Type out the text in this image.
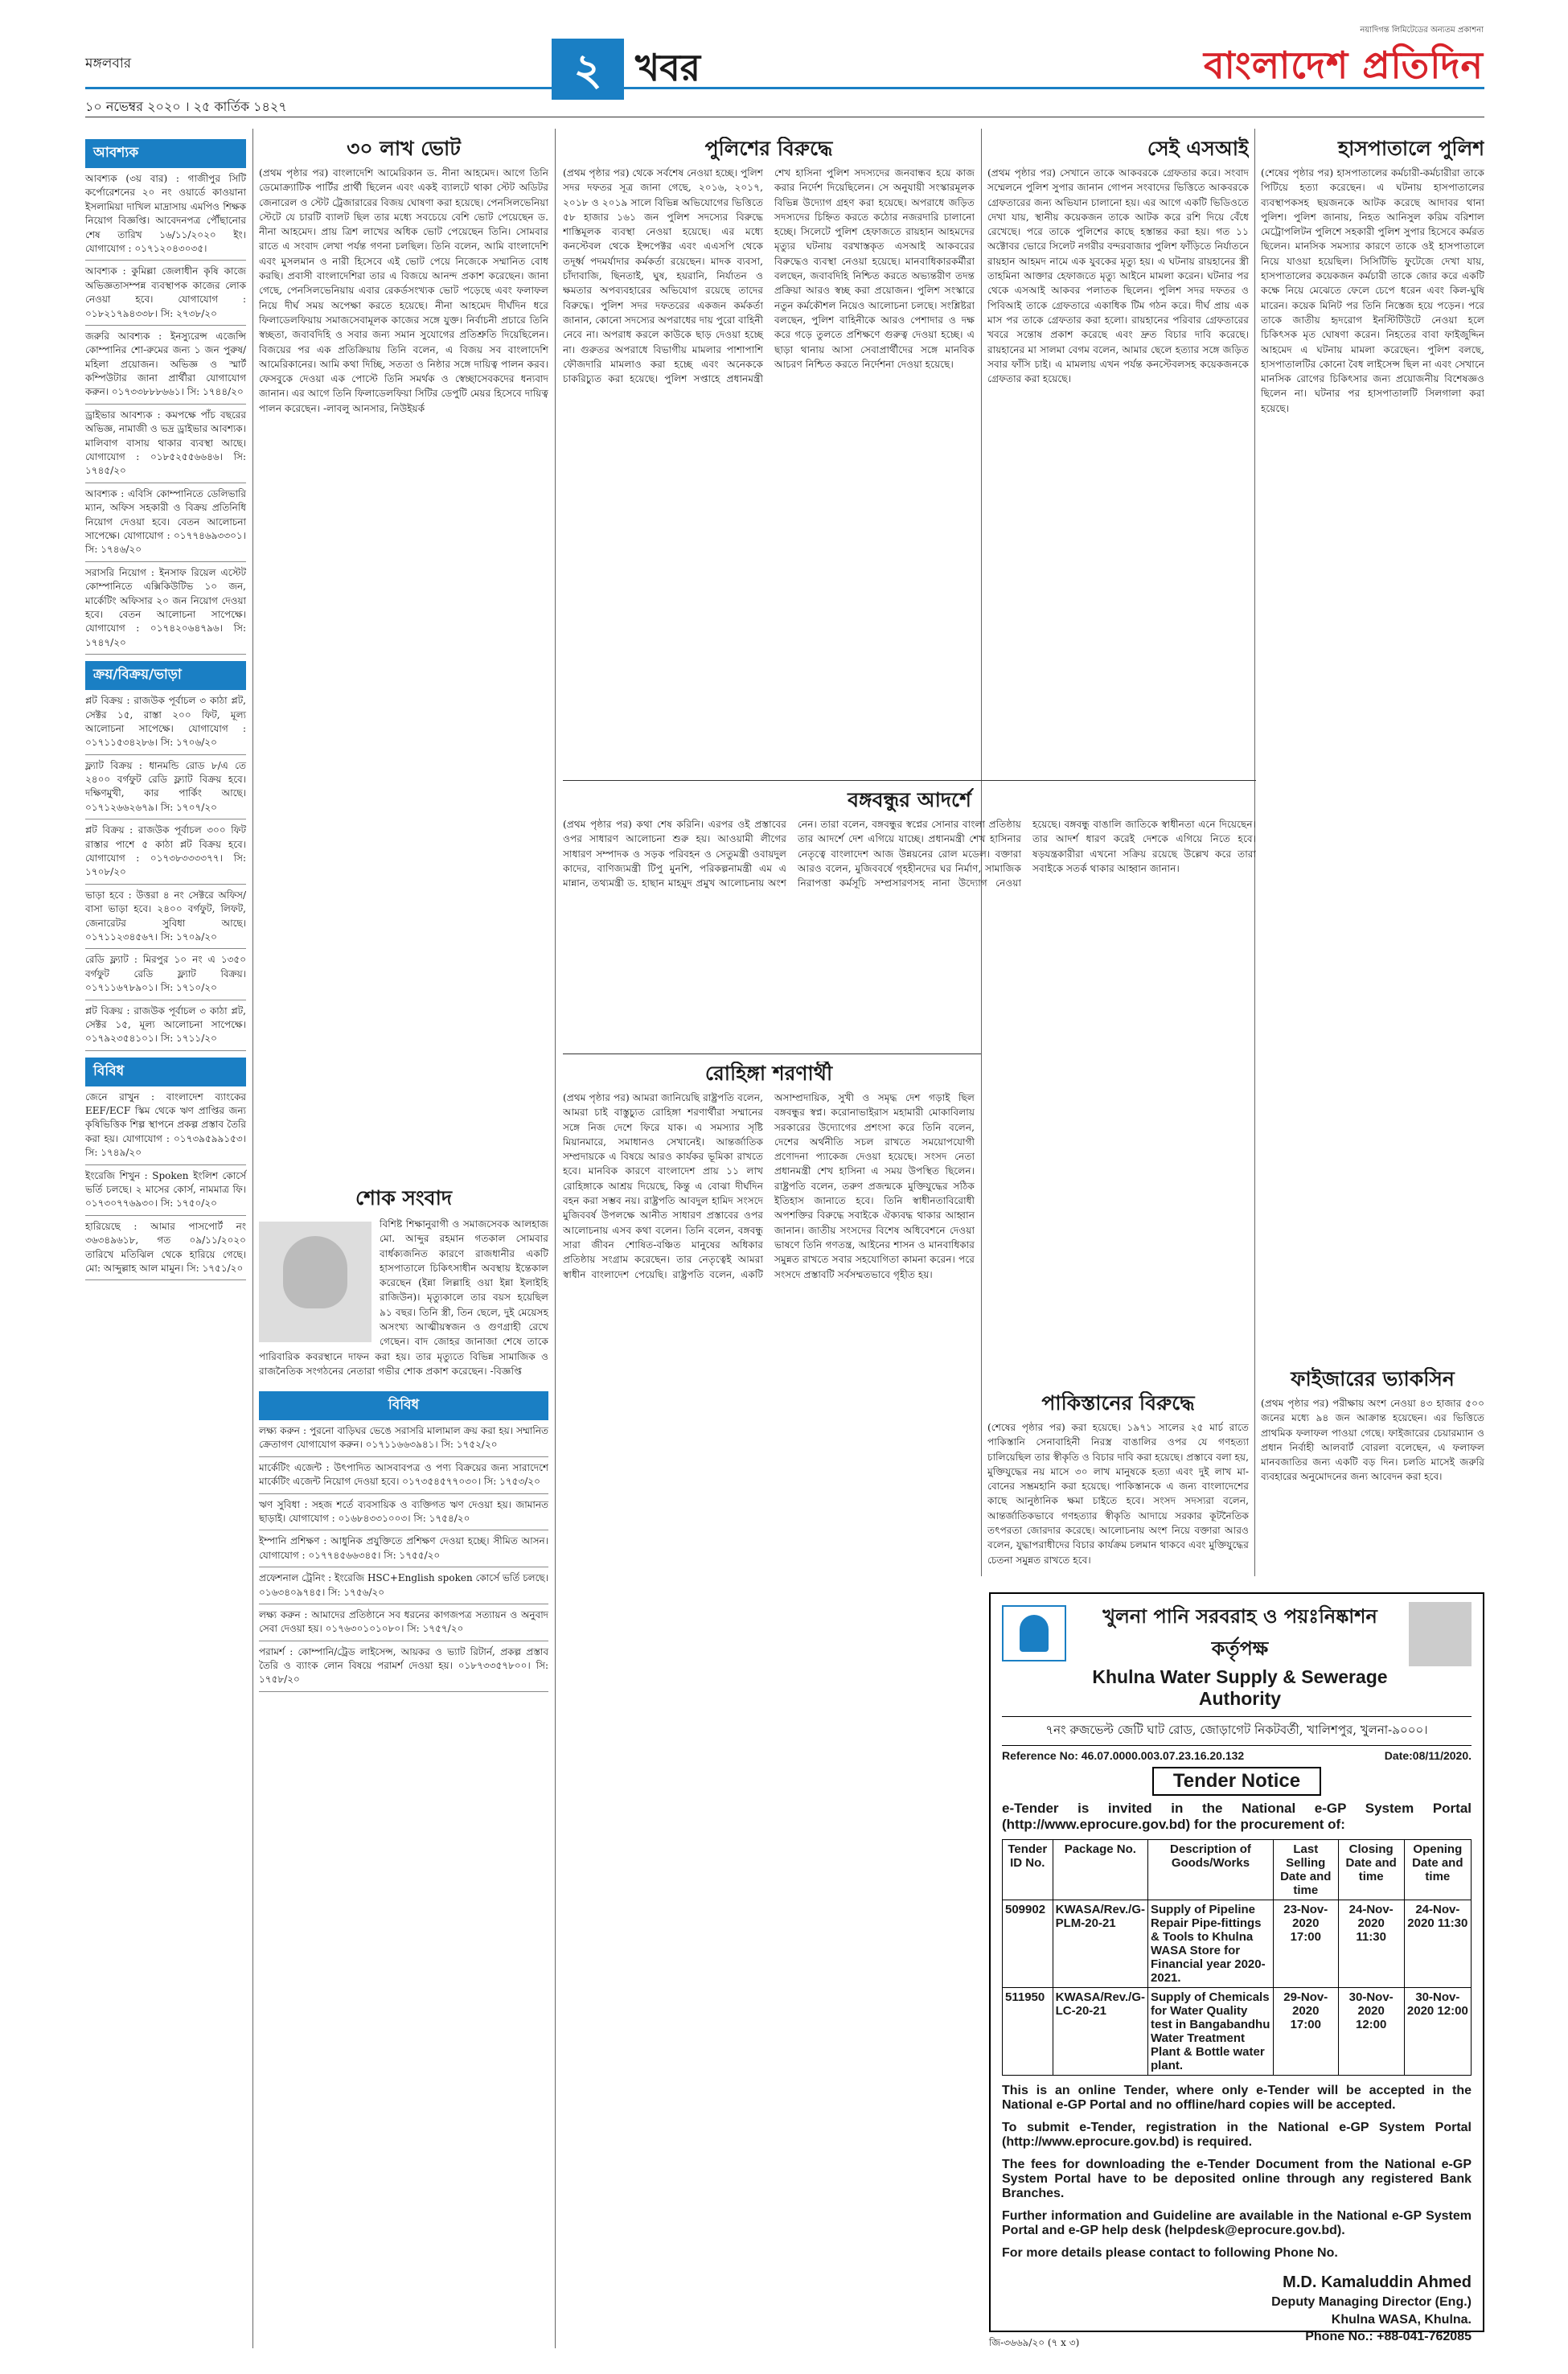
মঙ্গলবার
১০ নভেম্বর ২০২০ । ২৫ কার্তিক ১৪২৭
২ খবর
নয়াদিগন্ত লিমিটেডের অন্যতম প্রকাশনা
বাংলাদেশ প্রতিদিন
আবশ্যক
আবশ্যক (৩য় বার) : গাজীপুর সিটি কর্পোরেশনের ২০ নং ওয়ার্ডে কাওয়ানা ইসলামিয়া দাখিল মাদ্রাসায় এমপিও শিক্ষক নিয়োগ বিজ্ঞপ্তি। আবেদনপত্র পৌঁছানোর শেষ তারিখ ১৬/১১/২০২০ ইং। যোগাযোগ : ০১৭১২০৪৩০৩৫।
আবশ্যক : কুমিল্লা জেলাধীন কৃষি কাজে অভিজ্ঞতাসম্পন্ন ব্যবস্থাপক কাজের লোক নেওয়া হবে। যোগাযোগ : ০১৮২১৭৯৪৩৩৮। সি: ২৭৩৮/২০
জরুরি আবশ্যক : ইনস্যুরেন্স এজেন্সি কোম্পানির শো-রুমের জন্য ১ জন পুরুষ/মহিলা প্রয়োজন। অভিজ্ঞ ও স্মার্ট কম্পিউটার জানা প্রার্থীরা যোগাযোগ করুন। ০১৭৩৩৮৮৮৬৬১। সি: ১৭৪৪/২০
ড্রাইভার আবশ্যক : কমপক্ষে পাঁচ বছরের অভিজ্ঞ, নামাজী ও ভদ্র ড্রাইভার আবশ্যক। মালিবাগ বাসায় থাকার ব্যবস্থা আছে। যোগাযোগ : ০১৮৫২৫৫৬৬৪৬। সি: ১৭৪৫/২০
আবশ্যক : এবিসি কোম্পানিতে ডেলিভারি ম্যান, অফিস সহকারী ও বিক্রয় প্রতিনিধি নিয়োগ দেওয়া হবে। বেতন আলোচনা সাপেক্ষে। যোগাযোগ : ০১৭৭৪৬৯৩৩০১। সি: ১৭৪৬/২০
সরাসরি নিয়োগ : ইনসাফ রিয়েল এস্টেট কোম্পানিতে এক্সিকিউটিভ ১০ জন, মার্কেটিং অফিসার ২০ জন নিয়োগ দেওয়া হবে। বেতন আলোচনা সাপেক্ষে। যোগাযোগ : ০১৭৪২০৬৪৭৯৬। সি: ১৭৪৭/২০
ক্রয়/বিক্রয়/ভাড়া
প্লট বিক্রয় : রাজউক পূর্বাচল ৩ কাঠা প্লট, সেক্টর ১৫, রাস্তা ২০০ ফিট, মূল্য আলোচনা সাপেক্ষে। যোগাযোগ : ০১৭১১৫৩৪২৮৬। সি: ১৭০৬/২০
ফ্ল্যাট বিক্রয় : ধানমন্ডি রোড ৮/এ তে ২৪০০ বর্গফুট রেডি ফ্ল্যাট বিক্রয় হবে। দক্ষিণমুখী, কার পার্কিং আছে। ০১৭১২৬৬২৬৭৯। সি: ১৭০৭/২০
প্লট বিক্রয় : রাজউক পূর্বাচল ৩০০ ফিট রাস্তার পাশে ৫ কাঠা প্লট বিক্রয় হবে। যোগাযোগ : ০১৭৩৮৩৩৩৩৭৭। সি: ১৭০৮/২০
ভাড়া হবে : উত্তরা ৪ নং সেক্টরে অফিস/বাসা ভাড়া হবে। ২৪০০ বর্গফুট, লিফট, জেনারেটর সুবিধা আছে। ০১৭১১২৩৪৫৬৭। সি: ১৭০৯/২০
রেডি ফ্ল্যাট : মিরপুর ১০ নং এ ১৩৫০ বর্গফুট রেডি ফ্ল্যাট বিক্রয়। ০১৭১১৬৭৮৯০১। সি: ১৭১০/২০
প্লট বিক্রয় : রাজউক পূর্বাচল ৩ কাঠা প্লট, সেক্টর ১৫, মূল্য আলোচনা সাপেক্ষে। ০১৭৯২৩৫৪১০১। সি: ১৭১১/২০
বিবিধ
জেনে রাখুন : বাংলাদেশ ব্যাংকের EEF/ECF স্কিম থেকে ঋণ প্রাপ্তির জন্য কৃষিভিত্তিক শিল্প স্থাপনে প্রকল্প প্রস্তাব তৈরি করা হয়। যোগাযোগ : ০১৭৩৯৫৯৯১৫৩। সি: ১৭৪৯/২০
ইংরেজি শিখুন : Spoken ইংলিশ কোর্সে ভর্তি চলছে। ২ মাসের কোর্স, নামমাত্র ফি। ০১৭৩০৭৭৬৯৩০। সি: ১৭৫০/২০
হারিয়েছে : আমার পাসপোর্ট নং ৩৬৩৪৯৬১৮, গত ০৯/১১/২০২০ তারিখে মতিঝিল থেকে হারিয়ে গেছে। মো: আব্দুল্লাহ আল মামুন। সি: ১৭৫১/২০
৩০ লাখ ভোট

(প্রথম পৃষ্ঠার পর) বাংলাদেশি আমেরিকান ড. নীনা আহমেদ। আগে তিনি ডেমোক্র্যাটিক পার্টির প্রার্থী ছিলেন এবং একই ব্যালটে থাকা স্টেট অডিটর জেনারেল ও স্টেট ট্রেজারারের বিজয় ঘোষণা করা হয়েছে। পেনসিলভেনিয়া স্টেটে যে চারটি ব্যালট ছিল তার মধ্যে সবচেয়ে বেশি ভোট পেয়েছেন ড. নীনা আহমেদ। প্রায় ত্রিশ লাখের অধিক ভোট পেয়েছেন তিনি। সোমবার রাতে এ সংবাদ লেখা পর্যন্ত গণনা চলছিল। তিনি বলেন, আমি বাংলাদেশি এবং মুসলমান ও নারী হিসেবে এই ভোট পেয়ে নিজেকে সম্মানিত বোধ করছি। প্রবাসী বাংলাদেশিরা তার এ বিজয়ে আনন্দ প্রকাশ করেছেন। জানা গেছে, পেনসিলভেনিয়ায় এবার রেকর্ডসংখ্যক ভোট পড়েছে এবং ফলাফল নিয়ে দীর্ঘ সময় অপেক্ষা করতে হয়েছে। নীনা আহমেদ দীর্ঘদিন ধরে ফিলাডেলফিয়ায় সমাজসেবামূলক কাজের সঙ্গে যুক্ত। নির্বাচনী প্রচারে তিনি স্বচ্ছতা, জবাবদিহি ও সবার জন্য সমান সুযোগের প্রতিশ্রুতি দিয়েছিলেন। বিজয়ের পর এক প্রতিক্রিয়ায় তিনি বলেন, এ বিজয় সব বাংলাদেশি আমেরিকানের। আমি কথা দিচ্ছি, সততা ও নিষ্ঠার সঙ্গে দায়িত্ব পালন করব। ফেসবুকে দেওয়া এক পোস্টে তিনি সমর্থক ও স্বেচ্ছাসেবকদের ধন্যবাদ জানান। এর আগে তিনি ফিলাডেলফিয়া সিটির ডেপুটি মেয়র হিসেবে দায়িত্ব পালন করেছেন। -লাবলু আনসার, নিউইয়র্ক

শোক সংবাদ

বিশিষ্ট শিক্ষানুরাগী ও সমাজসেবক আলহাজ মো. আব্দুর রহমান গতকাল সোমবার বার্ধক্যজনিত কারণে রাজধানীর একটি হাসপাতালে চিকিৎসাধীন অবস্থায় ইন্তেকাল করেছেন (ইন্না লিল্লাহি ওয়া ইন্না ইলাইহি রাজিউন)। মৃত্যুকালে তার বয়স হয়েছিল ৯১ বছর। তিনি স্ত্রী, তিন ছেলে, দুই মেয়েসহ অসংখ্য আত্মীয়স্বজন ও গুণগ্রাহী রেখে গেছেন। বাদ জোহর জানাজা শেষে তাকে পারিবারিক কবরস্থানে দাফন করা হয়। তার মৃত্যুতে বিভিন্ন সামাজিক ও রাজনৈতিক সংগঠনের নেতারা গভীর শোক প্রকাশ করেছেন। -বিজ্ঞপ্তি

বিবিধ
লক্ষ্য করুন : পুরনো বাড়িঘর ভেঙে সরাসরি মালামাল ক্রয় করা হয়। সম্মানিত ক্রেতাগণ যোগাযোগ করুন। ০১৭১১৬৬৩৯৪১। সি: ১৭৫২/২০
মার্কেটিং এজেন্ট : উৎপাদিত আসবাবপত্র ও পণ্য বিক্রয়ের জন্য সারাদেশে মার্কেটিং এজেন্ট নিয়োগ দেওয়া হবে। ০১৭৩৫৪৫৭৭০৩০। সি: ১৭৫৩/২০
ঋণ সুবিধা : সহজ শর্তে ব্যবসায়িক ও ব্যক্তিগত ঋণ দেওয়া হয়। জামানত ছাড়াই। যোগাযোগ : ০১৬৮৪৩৩১০০৩। সি: ১৭৫৪/২০
ইম্পানি প্রশিক্ষণ : আধুনিক প্রযুক্তিতে প্রশিক্ষণ দেওয়া হচ্ছে। সীমিত আসন। যোগাযোগ : ০১৭৭৪৫৬৬৩৪৫। সি: ১৭৫৫/২০
প্রফেশনাল ট্রেনিং : ইংরেজি HSC+English spoken কোর্সে ভর্তি চলছে। ০১৬৩৪০৯৭৪৫। সি: ১৭৫৬/২০
লক্ষ্য করুন : আমাদের প্রতিষ্ঠানে সব ধরনের কাগজপত্র সত্যায়ন ও অনুবাদ সেবা দেওয়া হয়। ০১৭৬৩০১০১০৮০। সি: ১৭৫৭/২০
পরামর্শ : কোম্পানি/ট্রেড লাইসেন্স, আয়কর ও ভ্যাট রিটার্ন, প্রকল্প প্রস্তাব তৈরি ও ব্যাংক লোন বিষয়ে পরামর্শ দেওয়া হয়। ০১৮৭৩৩৫৭৮০০। সি: ১৭৫৮/২০
পুলিশের বিরুদ্ধে

(প্রথম পৃষ্ঠার পর) থেকে সর্বশেষ নেওয়া হচ্ছে। পুলিশ সদর দফতর সূত্র জানা গেছে, ২০১৬, ২০১৭, ২০১৮ ও ২০১৯ সালে বিভিন্ন অভিযোগের ভিত্তিতে ৫৮ হাজার ১৬১ জন পুলিশ সদস্যের বিরুদ্ধে শাস্তিমূলক ব্যবস্থা নেওয়া হয়েছে। এর মধ্যে কনস্টেবল থেকে ইন্সপেক্টর এবং এএসপি থেকে তদূর্ধ্ব পদমর্যাদার কর্মকর্তা রয়েছেন। মাদক ব্যবসা, চাঁদাবাজি, ছিনতাই, ঘুষ, হয়রানি, নির্যাতন ও ক্ষমতার অপব্যবহারের অভিযোগ রয়েছে তাদের বিরুদ্ধে। পুলিশ সদর দফতরের একজন কর্মকর্তা জানান, কোনো সদস্যের অপরাধের দায় পুরো বাহিনী নেবে না। অপরাধ করলে কাউকে ছাড় দেওয়া হচ্ছে না। গুরুতর অপরাধে বিভাগীয় মামলার পাশাপাশি ফৌজদারি মামলাও করা হচ্ছে এবং অনেককে চাকরিচ্যুত করা হয়েছে। পুলিশ সপ্তাহে প্রধানমন্ত্রী শেখ হাসিনা পুলিশ সদস্যদের জনবান্ধব হয়ে কাজ করার নির্দেশ দিয়েছিলেন। সে অনুযায়ী সংস্কারমূলক বিভিন্ন উদ্যোগ গ্রহণ করা হয়েছে। অপরাধে জড়িত সদস্যদের চিহ্নিত করতে কঠোর নজরদারি চালানো হচ্ছে। সিলেটে পুলিশ হেফাজতে রায়হান আহমদের মৃত্যুর ঘটনায় বরখাস্তকৃত এসআই আকবরের বিরুদ্ধেও ব্যবস্থা নেওয়া হয়েছে। মানবাধিকারকর্মীরা বলছেন, জবাবদিহি নিশ্চিত করতে অভ্যন্তরীণ তদন্ত প্রক্রিয়া আরও স্বচ্ছ করা প্রয়োজন। পুলিশ সংস্কারে নতুন কর্মকৌশল নিয়েও আলোচনা চলছে। সংশ্লিষ্টরা বলছেন, পুলিশ বাহিনীকে আরও পেশাদার ও দক্ষ করে গড়ে তুলতে প্রশিক্ষণে গুরুত্ব দেওয়া হচ্ছে। এ ছাড়া থানায় আসা সেবাপ্রার্থীদের সঙ্গে মানবিক আচরণ নিশ্চিত করতে নির্দেশনা দেওয়া হয়েছে।

বঙ্গবন্ধুর আদর্শে

(প্রথম পৃষ্ঠার পর) কথা শেষ করিনি। এরপর ওই প্রস্তাবের ওপর সাধারণ আলোচনা শুরু হয়। আওয়ামী লীগের সাধারণ সম্পাদক ও সড়ক পরিবহন ও সেতুমন্ত্রী ওবায়দুল কাদের, বাণিজ্যমন্ত্রী টিপু মুনশি, পরিকল্পনামন্ত্রী এম এ মান্নান, তথ্যমন্ত্রী ড. হাছান মাহমুদ প্রমুখ আলোচনায় অংশ নেন। তারা বলেন, বঙ্গবন্ধুর স্বপ্নের সোনার বাংলা প্রতিষ্ঠায় তার আদর্শে দেশ এগিয়ে যাচ্ছে। প্রধানমন্ত্রী শেখ হাসিনার নেতৃত্বে বাংলাদেশ আজ উন্নয়নের রোল মডেল। বক্তারা আরও বলেন, মুজিববর্ষে গৃহহীনদের ঘর নির্মাণ, সামাজিক নিরাপত্তা কর্মসূচি সম্প্রসারণসহ নানা উদ্যোগ নেওয়া হয়েছে। বঙ্গবন্ধু বাঙালি জাতিকে স্বাধীনতা এনে দিয়েছেন। তার আদর্শ ধারণ করেই দেশকে এগিয়ে নিতে হবে। ষড়যন্ত্রকারীরা এখনো সক্রিয় রয়েছে উল্লেখ করে তারা সবাইকে সতর্ক থাকার আহ্বান জানান।

রোহিঙ্গা শরণার্থী

(প্রথম পৃষ্ঠার পর) আমরা জানিয়েছি রাষ্ট্রপতি বলেন, আমরা চাই বাস্তুচ্যুত রোহিঙ্গা শরণার্থীরা সম্মানের সঙ্গে নিজ দেশে ফিরে যাক। এ সমস্যার সৃষ্টি মিয়ানমারে, সমাধানও সেখানেই। আন্তর্জাতিক সম্প্রদায়কে এ বিষয়ে আরও কার্যকর ভূমিকা রাখতে হবে। মানবিক কারণে বাংলাদেশ প্রায় ১১ লাখ রোহিঙ্গাকে আশ্রয় দিয়েছে, কিন্তু এ বোঝা দীর্ঘদিন বহন করা সম্ভব নয়। রাষ্ট্রপতি আবদুল হামিদ সংসদে মুজিববর্ষ উপলক্ষে আনীত সাধারণ প্রস্তাবের ওপর আলোচনায় এসব কথা বলেন। তিনি বলেন, বঙ্গবন্ধু সারা জীবন শোষিত-বঞ্চিত মানুষের অধিকার প্রতিষ্ঠায় সংগ্রাম করেছেন। তার নেতৃত্বেই আমরা স্বাধীন বাংলাদেশ পেয়েছি। রাষ্ট্রপতি বলেন, একটি অসাম্প্রদায়িক, সুখী ও সমৃদ্ধ দেশ গড়াই ছিল বঙ্গবন্ধুর স্বপ্ন। করোনাভাইরাস মহামারী মোকাবিলায় সরকারের উদ্যোগের প্রশংসা করে তিনি বলেন, দেশের অর্থনীতি সচল রাখতে সময়োপযোগী প্রণোদনা প্যাকেজ দেওয়া হয়েছে। সংসদ নেতা প্রধানমন্ত্রী শেখ হাসিনা এ সময় উপস্থিত ছিলেন। রাষ্ট্রপতি বলেন, তরুণ প্রজন্মকে মুক্তিযুদ্ধের সঠিক ইতিহাস জানাতে হবে। তিনি স্বাধীনতাবিরোধী অপশক্তির বিরুদ্ধে সবাইকে ঐক্যবদ্ধ থাকার আহ্বান জানান। জাতীয় সংসদের বিশেষ অধিবেশনে দেওয়া ভাষণে তিনি গণতন্ত্র, আইনের শাসন ও মানবাধিকার সমুন্নত রাখতে সবার সহযোগিতা কামনা করেন। পরে সংসদে প্রস্তাবটি সর্বসম্মতভাবে গৃহীত হয়।

সেই এসআই

(প্রথম পৃষ্ঠার পর) সেখানে তাকে আকবরকে গ্রেফতার করে। সংবাদ সম্মেলনে পুলিশ সুপার জানান গোপন সংবাদের ভিত্তিতে আকবরকে গ্রেফতারের জন্য অভিযান চালানো হয়। এর আগে একটি ভিডিওতে দেখা যায়, স্থানীয় কয়েকজন তাকে আটক করে রশি দিয়ে বেঁধে রেখেছে। পরে তাকে পুলিশের কাছে হস্তান্তর করা হয়। গত ১১ অক্টোবর ভোরে সিলেট নগরীর বন্দরবাজার পুলিশ ফাঁড়িতে নির্যাতনে রায়হান আহমদ নামে এক যুবকের মৃত্যু হয়। এ ঘটনায় রায়হানের স্ত্রী তাহমিনা আক্তার হেফাজতে মৃত্যু আইনে মামলা করেন। ঘটনার পর থেকে এসআই আকবর পলাতক ছিলেন। পুলিশ সদর দফতর ও পিবিআই তাকে গ্রেফতারে একাধিক টিম গঠন করে। দীর্ঘ প্রায় এক মাস পর তাকে গ্রেফতার করা হলো। রায়হানের পরিবার গ্রেফতারের খবরে সন্তোষ প্রকাশ করেছে এবং দ্রুত বিচার দাবি করেছে। রায়হানের মা সালমা বেগম বলেন, আমার ছেলে হত্যার সঙ্গে জড়িত সবার ফাঁসি চাই। এ মামলায় এখন পর্যন্ত কনস্টেবলসহ কয়েকজনকে গ্রেফতার করা হয়েছে।

পাকিস্তানের বিরুদ্ধে

(শেষের পৃষ্ঠার পর) করা হয়েছে। ১৯৭১ সালের ২৫ মার্চ রাতে পাকিস্তানি সেনাবাহিনী নিরস্ত্র বাঙালির ওপর যে গণহত্যা চালিয়েছিল তার স্বীকৃতি ও বিচার দাবি করা হয়েছে। প্রস্তাবে বলা হয়, মুক্তিযুদ্ধের নয় মাসে ৩০ লাখ মানুষকে হত্যা এবং দুই লাখ মা-বোনের সম্ভ্রমহানি করা হয়েছে। পাকিস্তানকে এ জন্য বাংলাদেশের কাছে আনুষ্ঠানিক ক্ষমা চাইতে হবে। সংসদ সদস্যরা বলেন, আন্তর্জাতিকভাবে গণহত্যার স্বীকৃতি আদায়ে সরকার কূটনৈতিক তৎপরতা জোরদার করেছে। আলোচনায় অংশ নিয়ে বক্তারা আরও বলেন, যুদ্ধাপরাধীদের বিচার কার্যক্রম চলমান থাকবে এবং মুক্তিযুদ্ধের চেতনা সমুন্নত রাখতে হবে।

হাসপাতালে পুলিশ

(শেষের পৃষ্ঠার পর) হাসপাতালের কর্মচারী-কর্মচারীরা তাকে পিটিয়ে হত্যা করেছেন। এ ঘটনায় হাসপাতালের ব্যবস্থাপকসহ ছয়জনকে আটক করেছে আদাবর থানা পুলিশ। পুলিশ জানায়, নিহত আনিসুল করিম বরিশাল মেট্রোপলিটন পুলিশে সহকারী পুলিশ সুপার হিসেবে কর্মরত ছিলেন। মানসিক সমস্যার কারণে তাকে ওই হাসপাতালে নিয়ে যাওয়া হয়েছিল। সিসিটিভি ফুটেজে দেখা যায়, হাসপাতালের কয়েকজন কর্মচারী তাকে জোর করে একটি কক্ষে নিয়ে মেঝেতে ফেলে চেপে ধরেন এবং কিল-ঘুষি মারেন। কয়েক মিনিট পর তিনি নিস্তেজ হয়ে পড়েন। পরে তাকে জাতীয় হৃদরোগ ইনস্টিটিউটে নেওয়া হলে চিকিৎসক মৃত ঘোষণা করেন। নিহতের বাবা ফাইজুদ্দিন আহমেদ এ ঘটনায় মামলা করেছেন। পুলিশ বলছে, হাসপাতালটির কোনো বৈধ লাইসেন্স ছিল না এবং সেখানে মানসিক রোগের চিকিৎসার জন্য প্রয়োজনীয় বিশেষজ্ঞও ছিলেন না। ঘটনার পর হাসপাতালটি সিলগালা করা হয়েছে।

ফাইজারের ভ্যাকসিন

(প্রথম পৃষ্ঠার পর) পরীক্ষায় অংশ নেওয়া ৪৩ হাজার ৫০০ জনের মধ্যে ৯৪ জন আক্রান্ত হয়েছেন। এর ভিত্তিতে প্রাথমিক ফলাফল পাওয়া গেছে। ফাইজারের চেয়ারম্যান ও প্রধান নির্বাহী আলবার্ট বোরলা বলেছেন, এ ফলাফল মানবজাতির জন্য একটি বড় দিন। চলতি মাসেই জরুরি ব্যবহারের অনুমোদনের জন্য আবেদন করা হবে।

খুলনা পানি সরবরাহ ও পয়ঃনিষ্কাশন কর্তৃপক্ষ
Khulna Water Supply & Sewerage Authority
৭নং রুজভেল্ট জেটি ঘাট রোড, জোড়াগেট নিকটবর্তী, খালিশপুর, খুলনা-৯০০০।
Reference No: 46.07.0000.003.07.23.16.20.132	Date:08/11/2020.
Tender Notice
e-Tender is invited in the National e-GP System Portal (http://www.eprocure.gov.bd) for the procurement of:
Tender ID No.	Package No.	Description of Goods/Works	Last Selling Date and time	Closing Date and time	Opening Date and time
509902	KWASA/Rev./G-PLM-20-21	Supply of Pipeline Repair Pipe-fittings & Tools to Khulna WASA Store for Financial year 2020-2021.	23-Nov-2020 17:00	24-Nov-2020 11:30	24-Nov-2020 11:30
511950	KWASA/Rev./G-LC-20-21	Supply of Chemicals for Water Quality test in Bangabandhu Water Treatment Plant & Bottle water plant.	29-Nov-2020 17:00	30-Nov-2020 12:00	30-Nov-2020 12:00
This is an online Tender, where only e-Tender will be accepted in the National e-GP Portal and no offline/hard copies will be accepted.
To submit e-Tender, registration in the National e-GP System Portal (http://www.eprocure.gov.bd) is required.
The fees for downloading the e-Tender Document from the National e-GP System Portal have to be deposited online through any registered Bank Branches.
Further information and Guideline are available in the National e-GP System Portal and e-GP help desk (helpdesk@eprocure.gov.bd).
For more details please contact to following Phone No.
M.D. Kamaluddin Ahmed
Deputy Managing Director (Eng.)
Khulna WASA, Khulna.
Phone No.: +88-041-762085
জি-৩৬৬৯/২০ (৭ x ৩)
